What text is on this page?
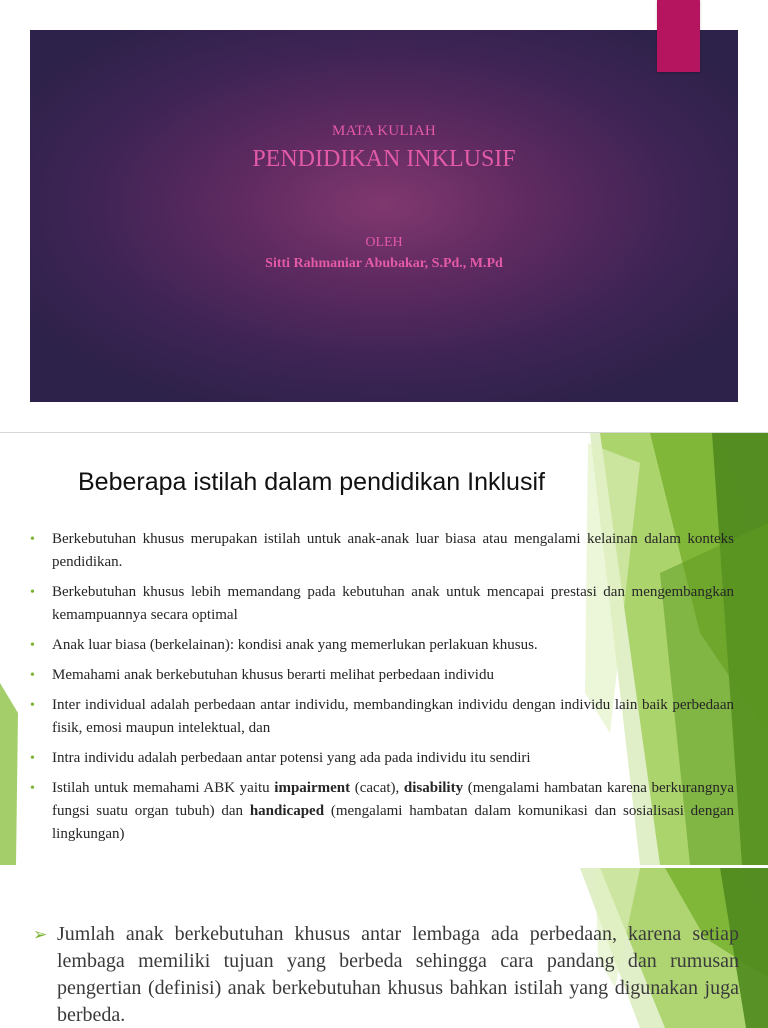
MATA KULIAH
PENDIDIKAN INKLUSIF
OLEH
Sitti Rahmaniar Abubakar, S.Pd., M.Pd
Beberapa istilah dalam pendidikan Inklusif
• Berkebutuhan khusus merupakan istilah untuk anak-anak luar biasa atau mengalami kelainan dalam konteks pendidikan.
• Berkebutuhan khusus lebih memandang pada kebutuhan anak untuk mencapai prestasi dan mengembangkan kemampuannya secara optimal
• Anak luar biasa (berkelainan): kondisi anak yang memerlukan perlakuan khusus.
• Memahami anak berkebutuhan khusus berarti melihat perbedaan individu
• Inter individual adalah perbedaan antar individu, membandingkan individu dengan individu lain baik perbedaan fisik, emosi maupun intelektual, dan
• Intra individu adalah perbedaan antar potensi yang ada pada individu itu sendiri
• Istilah untuk memahami ABK yaitu impairment (cacat), disability (mengalami hambatan karena berkurangnya fungsi suatu organ tubuh) dan handicaped (mengalami hambatan dalam komunikasi dan sosialisasi dengan lingkungan)
➢ Jumlah anak berkebutuhan khusus antar lembaga ada perbedaan, karena setiap lembaga memiliki tujuan yang berbeda sehingga cara pandang dan rumusan pengertian (definisi) anak berkebutuhan khusus bahkan istilah yang digunakan juga berbeda.
